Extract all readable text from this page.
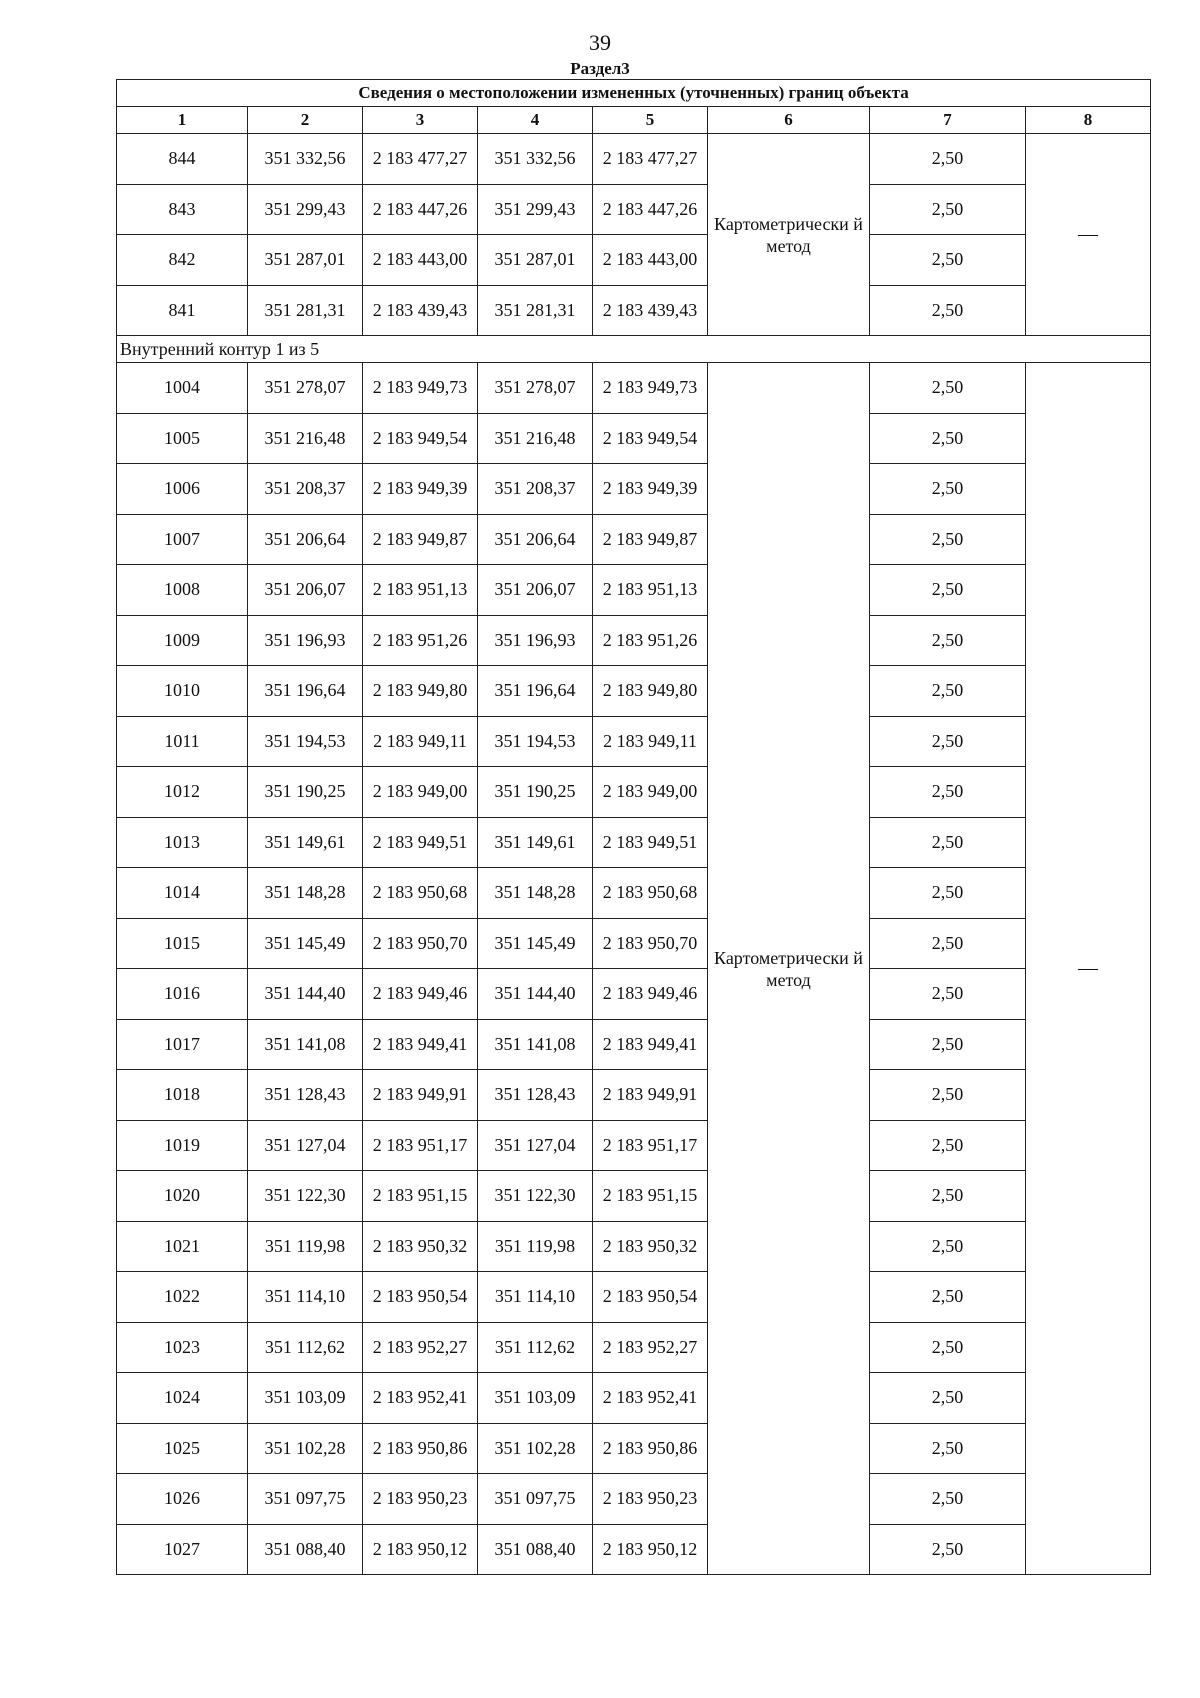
39
Раздел3
Сведения о местоположении измененных (уточненных) границ объекта							
1	2	3	4	5	6	7	8
844	351 332,56	2 183 477,27	351 332,56	2 183 477,27	Картометрически й метод	2,50	—
843	351 299,43	2 183 447,26	351 299,43	2 183 447,26		2,50	
842	351 287,01	2 183 443,00	351 287,01	2 183 443,00		2,50	
841	351 281,31	2 183 439,43	351 281,31	2 183 439,43		2,50	
Внутренний контур 1 из 5							
1004	351 278,07	2 183 949,73	351 278,07	2 183 949,73	Картометрически й метод	2,50	—
1005	351 216,48	2 183 949,54	351 216,48	2 183 949,54		2,50	
1006	351 208,37	2 183 949,39	351 208,37	2 183 949,39		2,50	
1007	351 206,64	2 183 949,87	351 206,64	2 183 949,87		2,50	
1008	351 206,07	2 183 951,13	351 206,07	2 183 951,13		2,50	
1009	351 196,93	2 183 951,26	351 196,93	2 183 951,26		2,50	
1010	351 196,64	2 183 949,80	351 196,64	2 183 949,80		2,50	
1011	351 194,53	2 183 949,11	351 194,53	2 183 949,11		2,50	
1012	351 190,25	2 183 949,00	351 190,25	2 183 949,00		2,50	
1013	351 149,61	2 183 949,51	351 149,61	2 183 949,51		2,50	
1014	351 148,28	2 183 950,68	351 148,28	2 183 950,68		2,50	
1015	351 145,49	2 183 950,70	351 145,49	2 183 950,70		2,50	
1016	351 144,40	2 183 949,46	351 144,40	2 183 949,46		2,50	
1017	351 141,08	2 183 949,41	351 141,08	2 183 949,41		2,50	
1018	351 128,43	2 183 949,91	351 128,43	2 183 949,91		2,50	
1019	351 127,04	2 183 951,17	351 127,04	2 183 951,17		2,50	
1020	351 122,30	2 183 951,15	351 122,30	2 183 951,15		2,50	
1021	351 119,98	2 183 950,32	351 119,98	2 183 950,32		2,50	
1022	351 114,10	2 183 950,54	351 114,10	2 183 950,54		2,50	
1023	351 112,62	2 183 952,27	351 112,62	2 183 952,27		2,50	
1024	351 103,09	2 183 952,41	351 103,09	2 183 952,41		2,50	
1025	351 102,28	2 183 950,86	351 102,28	2 183 950,86		2,50	
1026	351 097,75	2 183 950,23	351 097,75	2 183 950,23		2,50	
1027	351 088,40	2 183 950,12	351 088,40	2 183 950,12		2,50	
